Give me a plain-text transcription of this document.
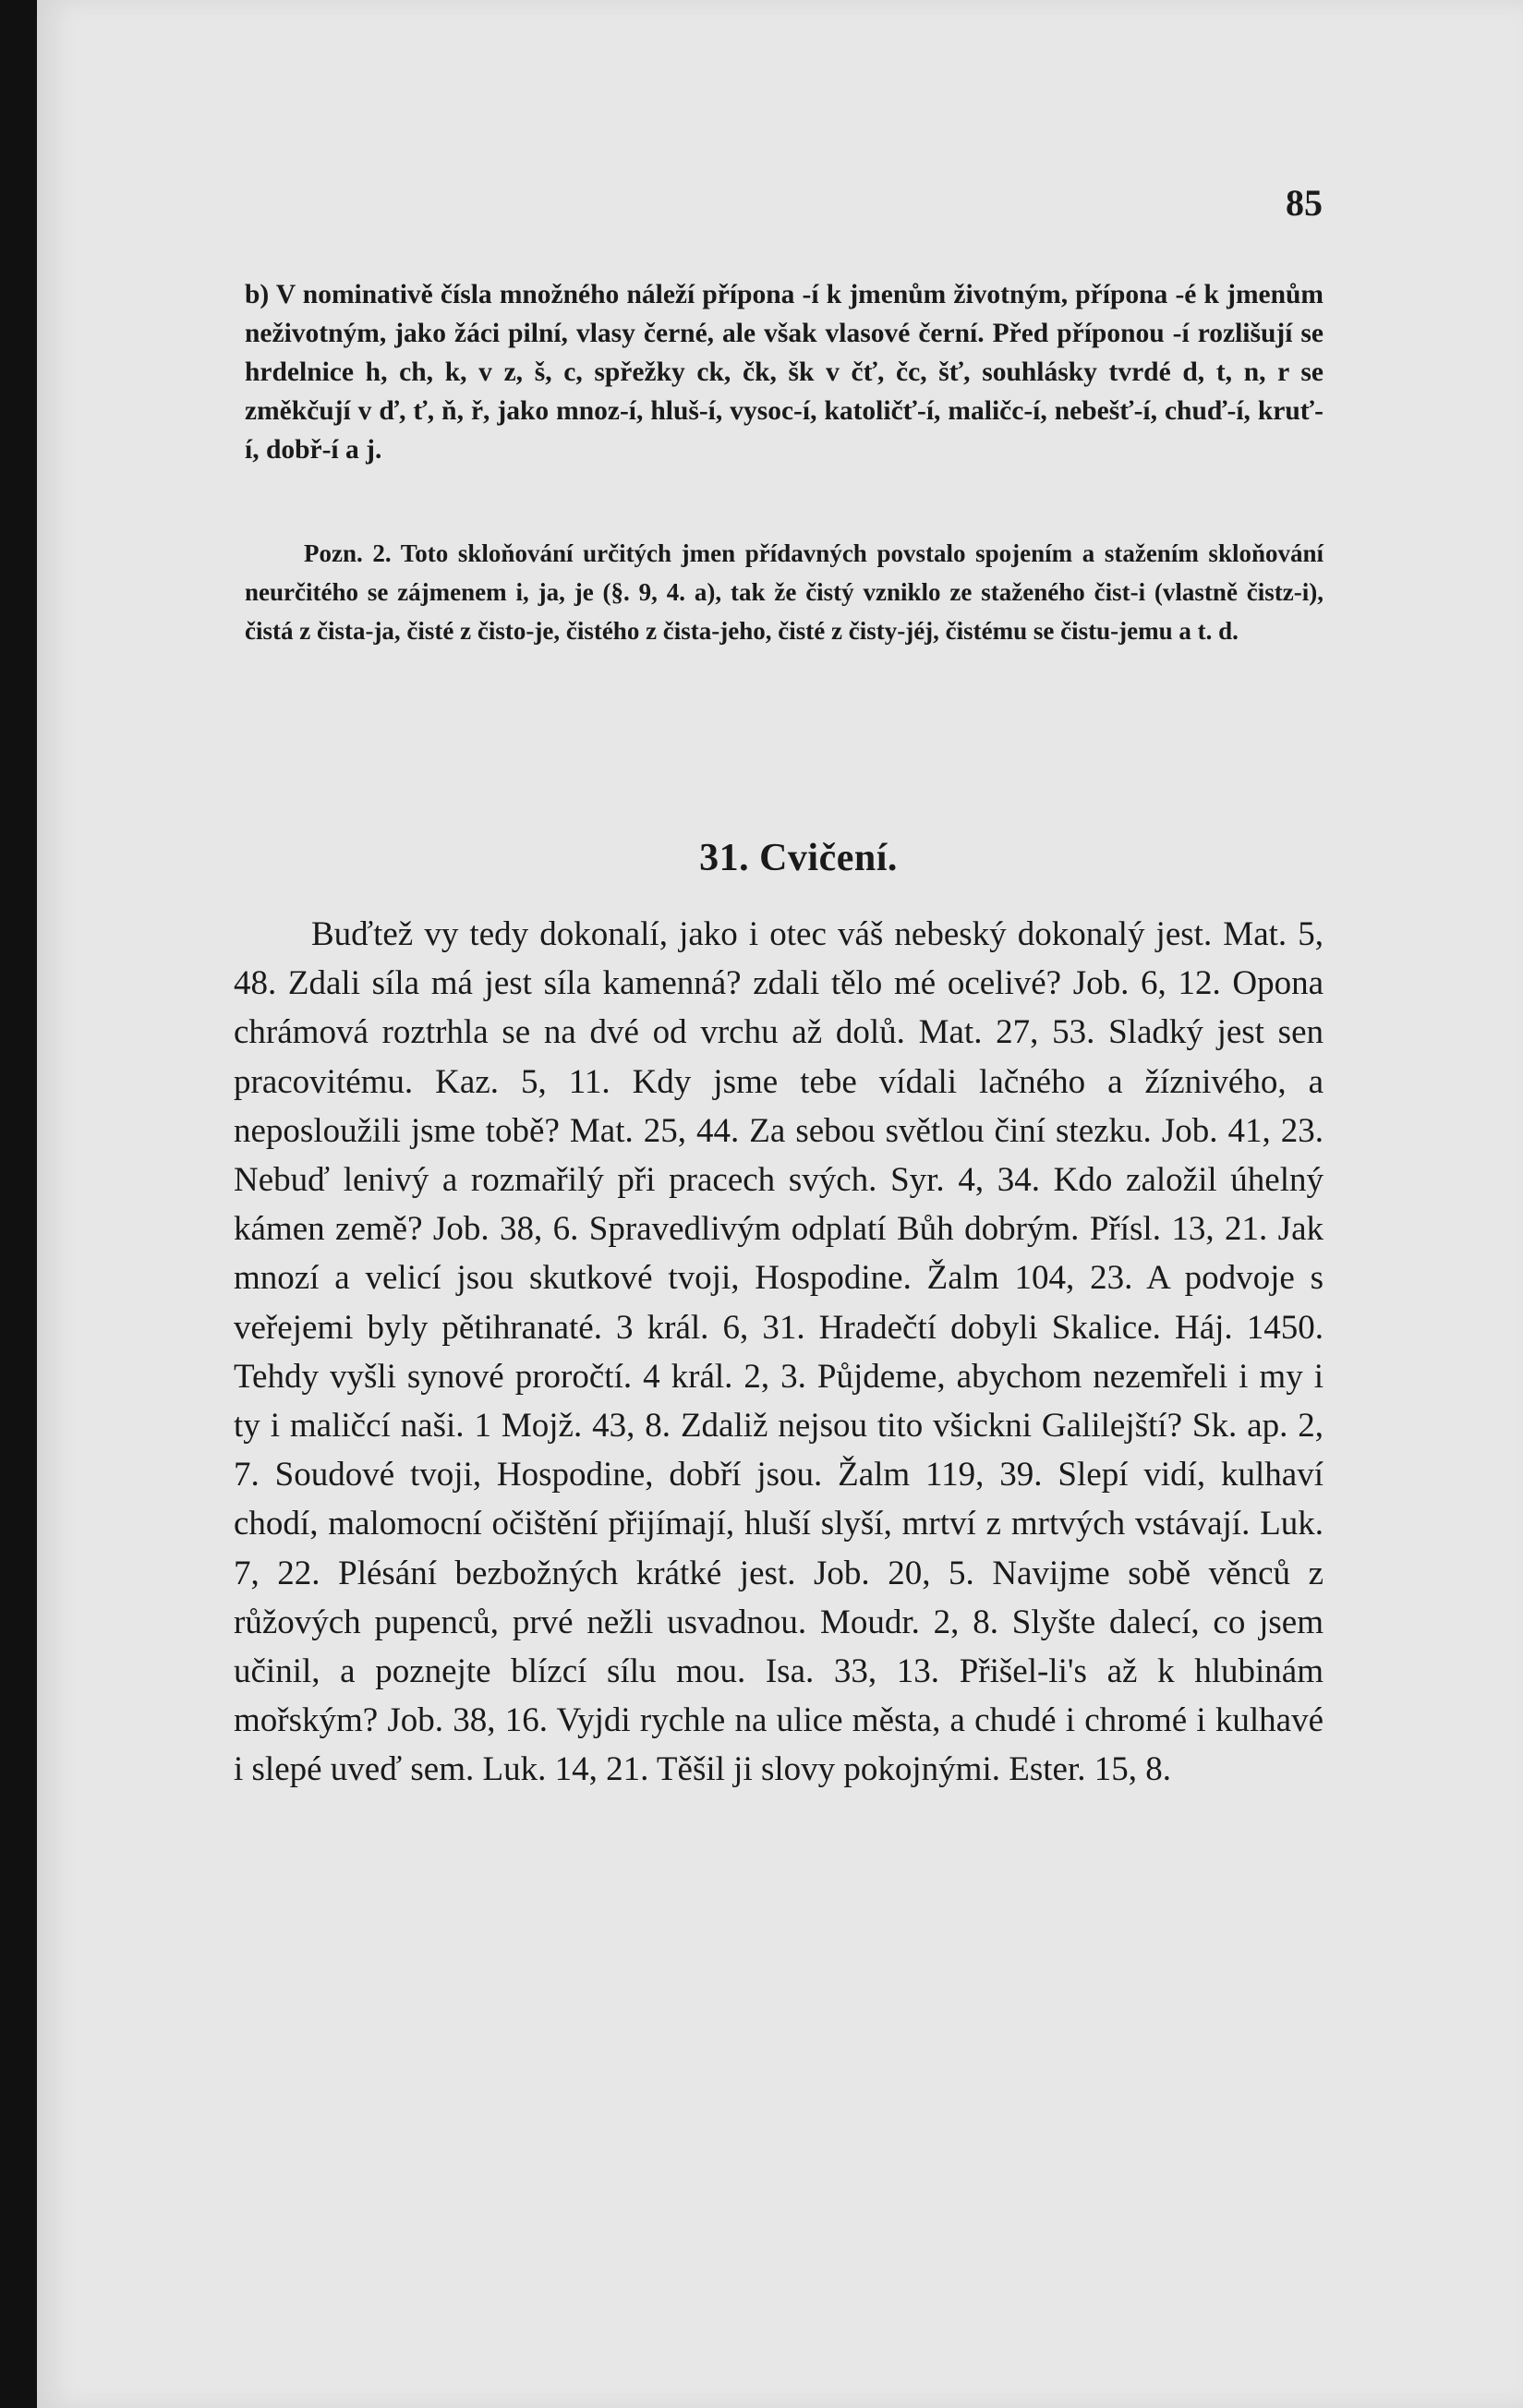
85

b) V nominativě čísla množného náleží přípona -í k jmenům životným, přípona -é k jmenům neživotným, jako žáci pilní, vlasy černé, ale však vlasové černí. Před příponou -í rozlišují se hrdelnice h, ch, k, v z, š, c, spřežky ck, čk, šk v čť, čc, šť, souhlásky tvrdé d, t, n, r se změkčují v ď, ť, ň, ř, jako mnoz-í, hluš-í, vysoc-í, katoličť-í, maličc-í, nebešť-í, chuď-í, kruť-í, dobř-í a j.

Pozn. 2. Toto skloňování určitých jmen přídavných povstalo spojením a stažením skloňování neurčitého se zájmenem i, ja, je (§. 9, 4. a), tak že čistý vzniklo ze staženého čist-i (vlastně čistz-i), čistá z čista-ja, čisté z čisto-je, čistého z čista-jeho, čisté z čisty-jéj, čistému se čistu-jemu a t. d.

31. Cvičení.

Buďtež vy tedy dokonalí, jako i otec váš nebeský dokonalý jest. Mat. 5, 48. Zdali síla má jest síla kamenná? zdali tělo mé ocelivé? Job. 6, 12. Opona chrámová roztrhla se na dvé od vrchu až dolů. Mat. 27, 53. Sladký jest sen pracovitému. Kaz. 5, 11. Kdy jsme tebe vídali lačného a žíznivého, a neposloužili jsme tobě? Mat. 25, 44. Za sebou světlou činí stezku. Job. 41, 23. Nebuď lenivý a rozmařilý při pracech svých. Syr. 4, 34. Kdo založil úhelný kámen země? Job. 38, 6. Spravedlivým odplatí Bůh dobrým. Přísl. 13, 21. Jak mnozí a velicí jsou skutkové tvoji, Hospodine. Žalm 104, 23. A podvoje s veřejemi byly pětihranaté. 3 král. 6, 31. Hradečtí dobyli Skalice. Háj. 1450. Tehdy vyšli synové proročtí. 4 král. 2, 3. Půjdeme, abychom nezemřeli i my i ty i maličcí naši. 1 Mojž. 43, 8. Zdaliž nejsou tito všickni Galilejští? Sk. ap. 2, 7. Soudové tvoji, Hospodine, dobří jsou. Žalm 119, 39. Slepí vidí, kulhaví chodí, malomocní očištění přijímají, hluší slyší, mrtví z mrtvých vstávají. Luk. 7, 22. Plésání bezbožných krátké jest. Job. 20, 5. Navijme sobě věnců z růžových pupenců, prvé nežli usvadnou. Moudr. 2, 8. Slyšte dalecí, co jsem učinil, a poznejte blízcí sílu mou. Isa. 33, 13. Přišel-li's až k hlubinám mořským? Job. 38, 16. Vyjdi rychle na ulice města, a chudé i chromé i kulhavé i slepé uveď sem. Luk. 14, 21. Těšil ji slovy pokojnými. Ester. 15, 8.
